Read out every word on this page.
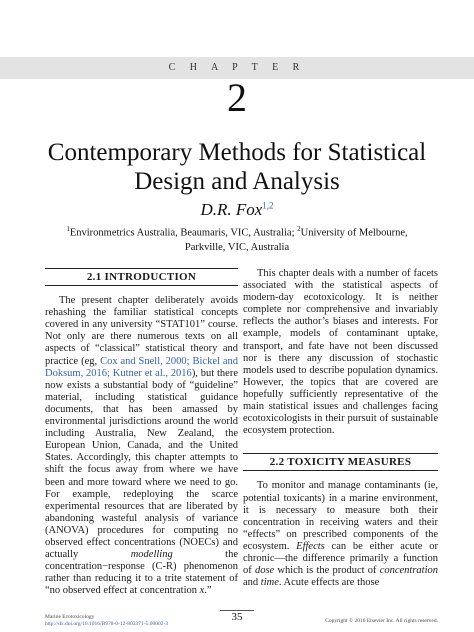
C H A P T E R
2
Contemporary Methods for Statistical
Design and Analysis
D.R. Fox$^{1,2}$
$^1$Environmetrics Australia, Beaumaris, VIC, Australia; $^2$University of Melbourne,
Parkville, VIC, Australia
2.1 INTRODUCTION

The present chapter deliberately avoids rehashing the familiar statistical concepts covered in any university “STAT101” course. Not only are there numerous texts on all aspects of “classical” statistical theory and practice (eg, Cox and Snell, 2000; Bickel and Doksum, 2016; Kutner et al., 2016), but there now exists a substantial body of “guideline” material, including statistical guidance documents, that has been amassed by environmental jurisdictions around the world including Australia, New Zealand, the European Union, Canada, and the United States. Accordingly, this chapter attempts to shift the focus away from where we have been and more toward where we need to go. For example, redeploying the scarce experimental resources that are liberated by abandoning wasteful analysis of variance (ANOVA) procedures for computing no observed effect concentrations (NOECs) and actually modelling the concentration−response (C-R) phenomenon rather than reducing it to a trite statement of “no observed effect at concentration x.”

This chapter deals with a number of facets associated with the statistical aspects of modern-day ecotoxicology. It is neither complete nor comprehensive and invariably reflects the author’s biases and interests. For example, models of contaminant uptake, transport, and fate have not been discussed nor is there any discussion of stochastic models used to describe population dynamics. However, the topics that are covered are hopefully sufficiently representative of the main statistical issues and challenges facing ecotoxicologists in their pursuit of sustainable ecosystem protection.

2.2 TOXICITY MEASURES

To monitor and manage contaminants (ie, potential toxicants) in a marine environment, it is necessary to measure both their concentration in receiving waters and their “effects” on prescribed components of the ecosystem. Effects can be either acute or chronic—the difference primarily a function of dose which is the product of concentration and time. Acute effects are those

Marine Ecotoxicology
http://dx.doi.org/10.1016/B978-0-12-803371-5.00002-3
35	Copyright © 2016 Elsevier Inc. All rights reserved.
